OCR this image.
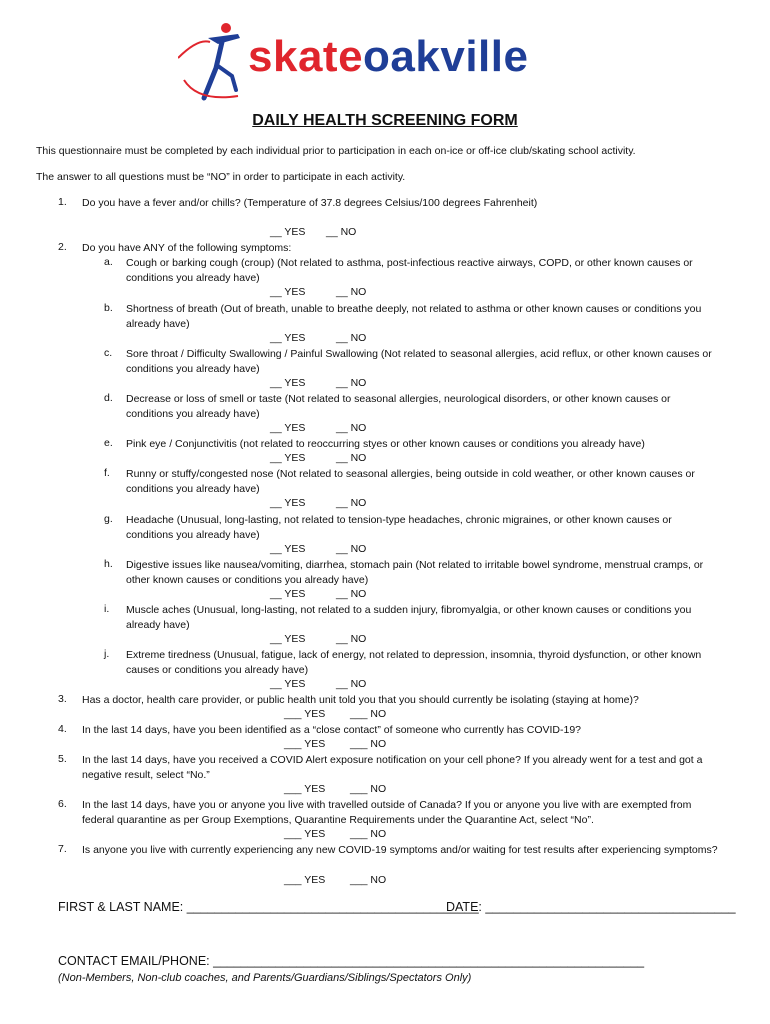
skateoakville
DAILY HEALTH SCREENING FORM
This questionnaire must be completed by each individual prior to participation in each on-ice or off-ice club/skating school activity.
The answer to all questions must be “NO” in order to participate in each activity.
1. Do you have a fever and/or chills? (Temperature of 37.8 degrees Celsius/100 degrees Fahrenheit)
__ YES __ NO
2. Do you have ANY of the following symptoms:
a. Cough or barking cough (croup) (Not related to asthma, post-infectious reactive airways, COPD, or other known causes or conditions you already have)
__ YES	__ NO
b. Shortness of breath (Out of breath, unable to breathe deeply, not related to asthma or other known causes or conditions you already have)
__ YES	__ NO
c. Sore throat / Difficulty Swallowing / Painful Swallowing (Not related to seasonal allergies, acid reflux, or other known causes or conditions you already have)
__ YES	__ NO
d. Decrease or loss of smell or taste (Not related to seasonal allergies, neurological disorders, or other known causes or conditions you already have)
__ YES	__ NO
e. Pink eye / Conjunctivitis (not related to reoccurring styes or other known causes or conditions you already have)
__ YES	__ NO
f. Runny or stuffy/congested nose (Not related to seasonal allergies, being outside in cold weather, or other known causes or conditions you already have)
__ YES	__ NO
g. Headache (Unusual, long-lasting, not related to tension-type headaches, chronic migraines, or other known causes or conditions you already have)
__ YES	__ NO
h. Digestive issues like nausea/vomiting, diarrhea, stomach pain (Not related to irritable bowel syndrome, menstrual cramps, or other known causes or conditions you already have)
__ YES	__ NO
i. Muscle aches (Unusual, long-lasting, not related to a sudden injury, fibromyalgia, or other known causes or conditions you already have)
__ YES	__ NO
j. Extreme tiredness (Unusual, fatigue, lack of energy, not related to depression, insomnia, thyroid dysfunction, or other known causes or conditions you already have)
__ YES	__ NO
3. Has a doctor, health care provider, or public health unit told you that you should currently be isolating (staying at home)?
___ YES ___ NO
4. In the last 14 days, have you been identified as a “close contact” of someone who currently has COVID-19?
___ YES ___ NO
5. In the last 14 days, have you received a COVID Alert exposure notification on your cell phone? If you already went for a test and got a negative result, select “No.”
___ YES ___ NO
6. In the last 14 days, have you or anyone you live with travelled outside of Canada? If you or anyone you live with are exempted from federal quarantine as per Group Exemptions, Quarantine Requirements under the Quarantine Act, select “No”.
___ YES ___ NO
7. Is anyone you live with currently experiencing any new COVID-19 symptoms and/or waiting for test results after experiencing symptoms?
___ YES ___ NO
FIRST & LAST NAME: __________________________________________
DATE: ____________________________________
CONTACT EMAIL/PHONE: ______________________________________________________________
(Non-Members, Non-club coaches, and Parents/Guardians/Siblings/Spectators Only)
